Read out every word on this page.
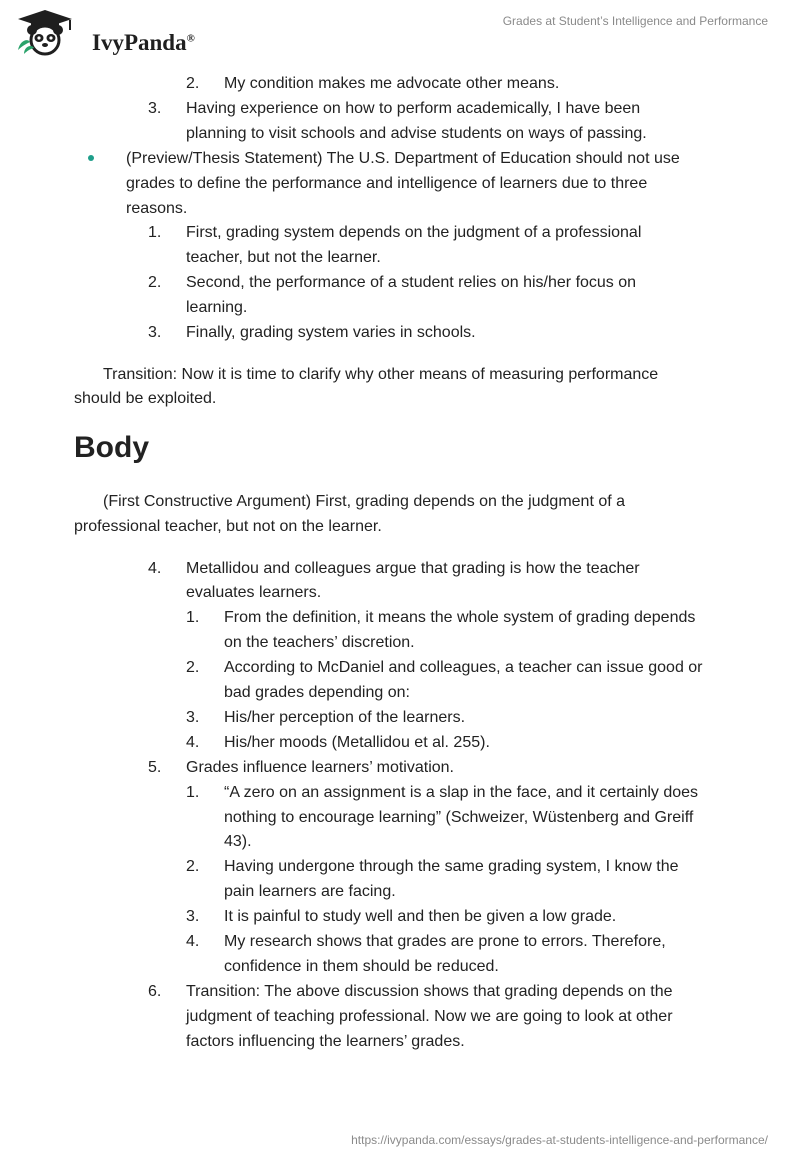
IvyPanda®
Grades at Student’s Intelligence and Performance
2. My condition makes me advocate other means.
3. Having experience on how to perform academically, I have been
planning to visit schools and advise students on ways of passing.
(Preview/Thesis Statement) The U.S. Department of Education should not use
grades to define the performance and intelligence of learners due to three
reasons.
1. First, grading system depends on the judgment of a professional
teacher, but not the learner.
2. Second, the performance of a student relies on his/her focus on
learning.
3. Finally, grading system varies in schools.
Transition: Now it is time to clarify why other means of measuring performance
should be exploited.
Body
(First Constructive Argument) First, grading depends on the judgment of a
professional teacher, but not on the learner.
4. Metallidou and colleagues argue that grading is how the teacher
evaluates learners.
1. From the definition, it means the whole system of grading depends
on the teachers’ discretion.
2. According to McDaniel and colleagues, a teacher can issue good or
bad grades depending on:
3. His/her perception of the learners.
4. His/her moods (Metallidou et al. 255).
5. Grades influence learners’ motivation.
1. “A zero on an assignment is a slap in the face, and it certainly does
nothing to encourage learning” (Schweizer, Wüstenberg and Greiff
43).
2. Having undergone through the same grading system, I know the
pain learners are facing.
3. It is painful to study well and then be given a low grade.
4. My research shows that grades are prone to errors. Therefore,
confidence in them should be reduced.
6. Transition: The above discussion shows that grading depends on the
judgment of teaching professional. Now we are going to look at other
factors influencing the learners’ grades.
https://ivypanda.com/essays/grades-at-students-intelligence-and-performance/
